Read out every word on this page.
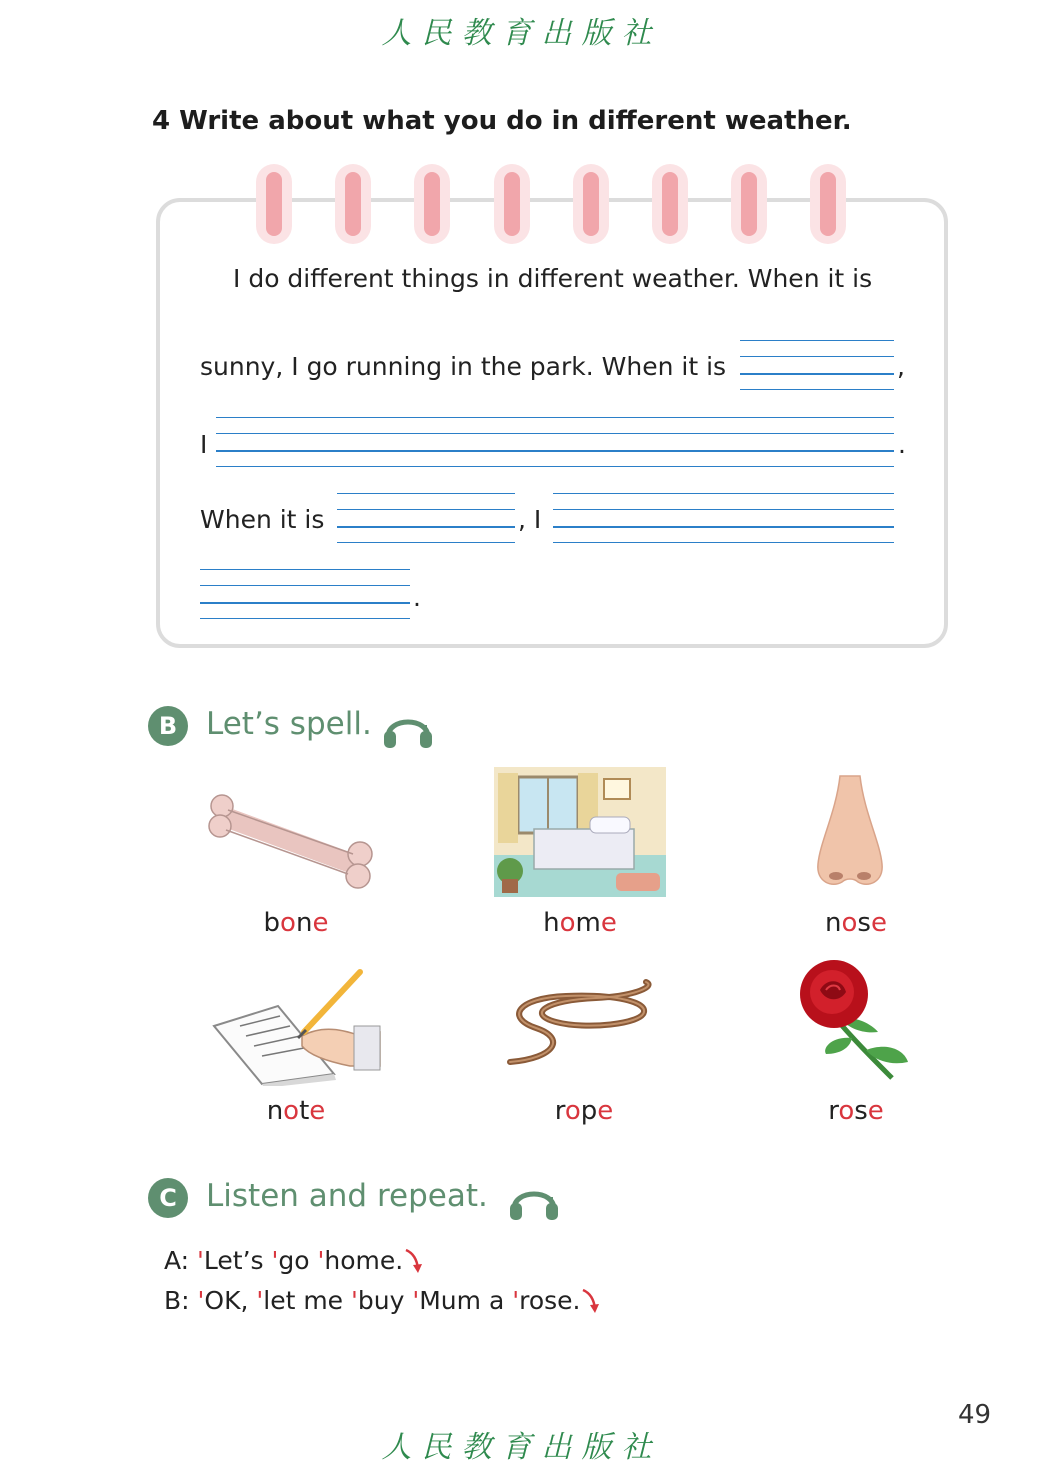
人民教育出版社
4 Write about what you do in different weather.
I do different things in different weather. When it is
sunny, I go running in the park. When it is	,
I	.
When it is	, I
.
B Let’s spell.
bone	home	nose
note	rope	rose
C Listen and repeat.
A: 'Let’s 'go 'home.
B: 'OK, 'let me 'buy 'Mum a 'rose.
49
人民教育出版社
